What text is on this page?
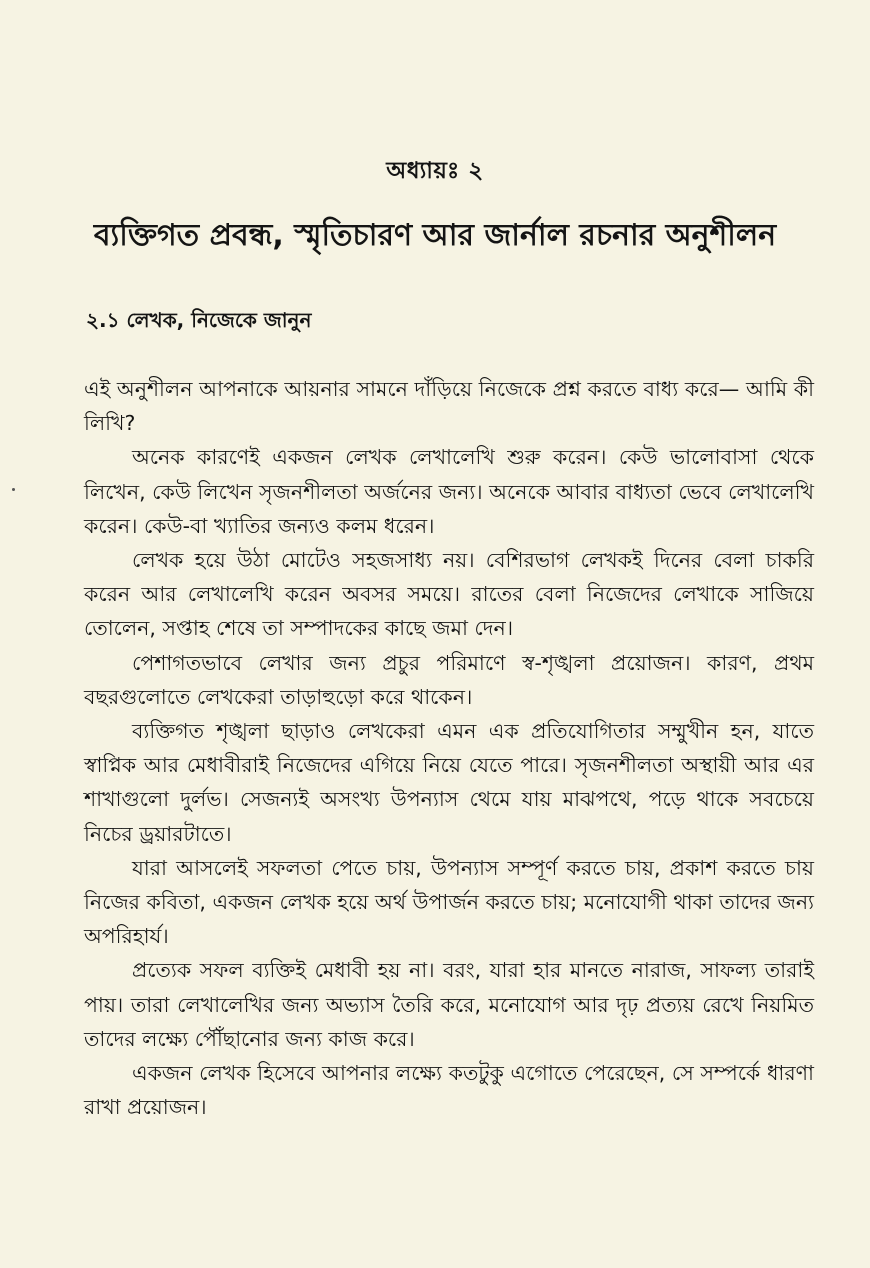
অধ্যায়ঃ ২
ব্যক্তিগত প্রবন্ধ, স্মৃতিচারণ আর জার্নাল রচনার অনুশীলন
২.১ লেখক, নিজেকে জানুন

এই অনুশীলন আপনাকে আয়নার সামনে দাঁড়িয়ে নিজেকে প্রশ্ন করতে বাধ্য করে— আমি কী লিখি?

অনেক কারণেই একজন লেখক লেখালেখি শুরু করেন। কেউ ভালোবাসা থেকে লিখেন, কেউ লিখেন সৃজনশীলতা অর্জনের জন্য। অনেকে আবার বাধ্যতা ভেবে লেখালেখি করেন। কেউ-বা খ্যাতির জন্যও কলম ধরেন।

লেখক হয়ে উঠা মোটেও সহজসাধ্য নয়। বেশিরভাগ লেখকই দিনের বেলা চাকরি করেন আর লেখালেখি করেন অবসর সময়ে। রাতের বেলা নিজেদের লেখাকে সাজিয়ে তোলেন, সপ্তাহ শেষে তা সম্পাদকের কাছে জমা দেন।

পেশাগতভাবে লেখার জন্য প্রচুর পরিমাণে স্ব-শৃঙ্খলা প্রয়োজন। কারণ, প্রথম বছরগুলোতে লেখকেরা তাড়াহুড়ো করে থাকেন।

ব্যক্তিগত শৃঙ্খলা ছাড়াও লেখকেরা এমন এক প্রতিযোগিতার সম্মুখীন হন, যাতে স্বাপ্নিক আর মেধাবীরাই নিজেদের এগিয়ে নিয়ে যেতে পারে। সৃজনশীলতা অস্থায়ী আর এর শাখাগুলো দুর্লভ। সেজন্যই অসংখ্য উপন্যাস থেমে যায় মাঝপথে, পড়ে থাকে সবচেয়ে নিচের ড্রয়ারটাতে।

যারা আসলেই সফলতা পেতে চায়, উপন্যাস সম্পূর্ণ করতে চায়, প্রকাশ করতে চায় নিজের কবিতা, একজন লেখক হয়ে অর্থ উপার্জন করতে চায়; মনোযোগী থাকা তাদের জন্য অপরিহার্য।

প্রত্যেক সফল ব্যক্তিই মেধাবী হয় না। বরং, যারা হার মানতে নারাজ, সাফল্য তারাই পায়। তারা লেখালেখির জন্য অভ্যাস তৈরি করে, মনোযোগ আর দৃঢ় প্রত্যয় রেখে নিয়মিত তাদের লক্ষ্যে পৌঁছানোর জন্য কাজ করে।

একজন লেখক হিসেবে আপনার লক্ষ্যে কতটুকু এগোতে পেরেছেন, সে সম্পর্কে ধারণা রাখা প্রয়োজন।
